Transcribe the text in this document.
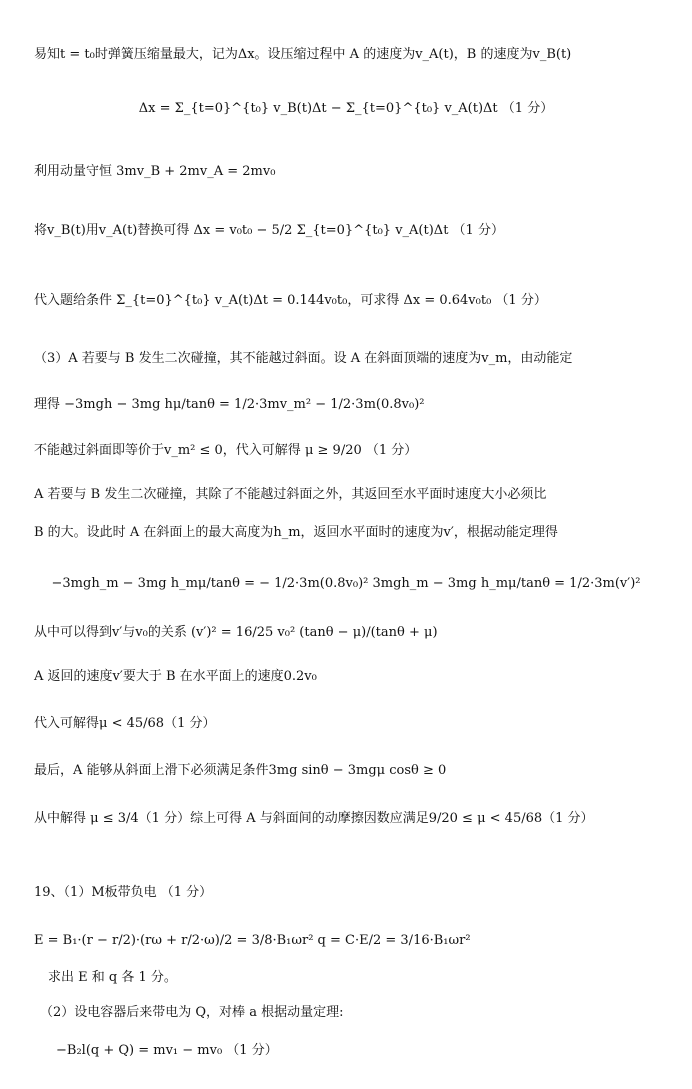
易知t = t₀时弹簧压缩量最大，记为Δx。设压缩过程中 A 的速度为v_A(t)，B 的速度为v_B(t)
Δx = Σ_{t=0}^{t₀} v_B(t)Δt − Σ_{t=0}^{t₀} v_A(t)Δt （1 分）
利用动量守恒 3mv_B + 2mv_A = 2mv₀
将v_B(t)用v_A(t)替换可得 Δx = v₀t₀ − 5/2 Σ_{t=0}^{t₀} v_A(t)Δt （1 分）
代入题给条件 Σ_{t=0}^{t₀} v_A(t)Δt = 0.144v₀t₀，可求得 Δx = 0.64v₀t₀ （1 分）
（3）A 若要与 B 发生二次碰撞，其不能越过斜面。设 A 在斜面顶端的速度为v_m，由动能定
理得 −3mgh − 3mg hμ/tanθ = 1/2·3mv_m² − 1/2·3m(0.8v₀)²
不能越过斜面即等价于v_m² ≤ 0，代入可解得 μ ≥ 9/20 （1 分）
A 若要与 B 发生二次碰撞，其除了不能越过斜面之外，其返回至水平面时速度大小必须比
B 的大。设此时 A 在斜面上的最大高度为h_m，返回水平面时的速度为v′，根据动能定理得
−3mgh_m − 3mg h_mμ/tanθ = − 1/2·3m(0.8v₀)² 3mgh_m − 3mg h_mμ/tanθ = 1/2·3m(v′)²
从中可以得到v′与v₀的关系 (v′)² = 16/25 v₀² (tanθ − μ)/(tanθ + μ)
A 返回的速度v′要大于 B 在水平面上的速度0.2v₀
代入可解得μ < 45/68（1 分）
最后，A 能够从斜面上滑下必须满足条件3mg sinθ − 3mgμ cosθ ≥ 0
从中解得 μ ≤ 3/4（1 分）综上可得 A 与斜面间的动摩擦因数应满足9/20 ≤ μ < 45/68（1 分）
19、（1）M板带负电 （1 分）
E = B₁·(r − r/2)·(rω + r/2·ω)/2 = 3/8·B₁ωr² q = C·E/2 = 3/16·B₁ωr²
求出 E 和 q 各 1 分。
（2）设电容器后来带电为 Q，对棒 a 根据动量定理:
−B₂l(q + Q) = mv₁ − mv₀ （1 分）
